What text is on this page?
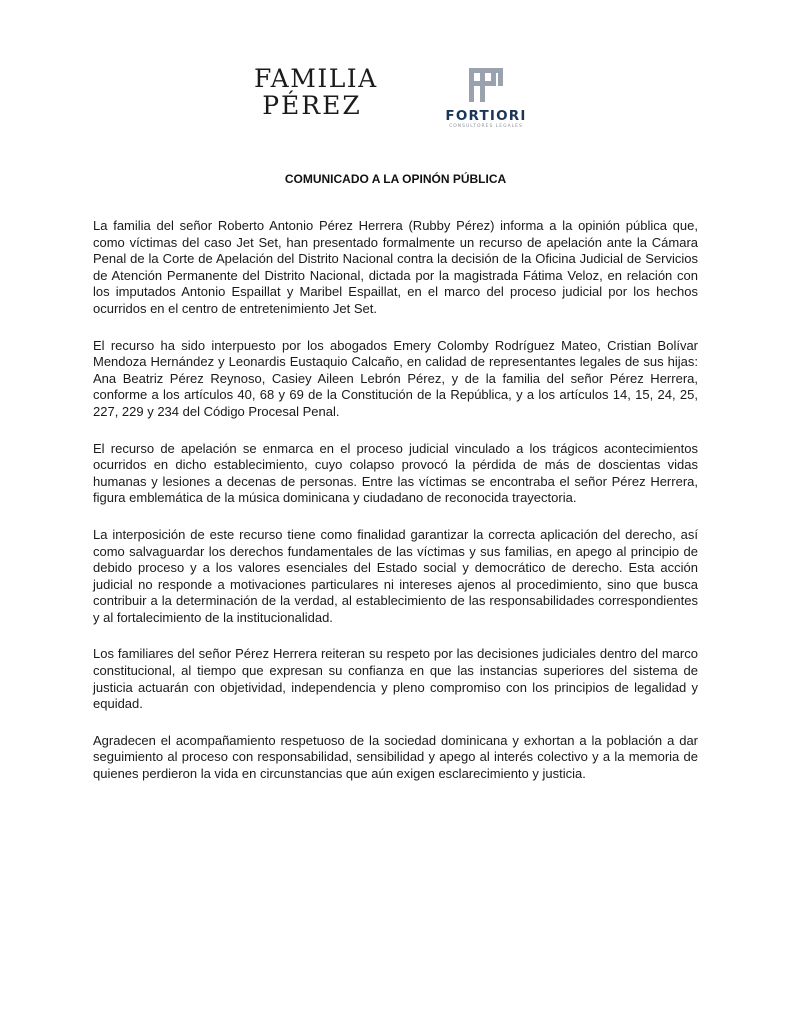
FAMILIA
PÉREZ	FORTIORI
CONSULTORES LEGALES
COMUNICADO A LA OPINÓN PÚBLICA

La familia del señor Roberto Antonio Pérez Herrera (Rubby Pérez) informa a la opinión pública que, como víctimas del caso Jet Set, han presentado formalmente un recurso de apelación ante la Cámara Penal de la Corte de Apelación del Distrito Nacional contra la decisión de la Oficina Judicial de Servicios de Atención Permanente del Distrito Nacional, dictada por la magistrada Fátima Veloz, en relación con los imputados Antonio Espaillat y Maribel Espaillat, en el marco del proceso judicial por los hechos ocurridos en el centro de entretenimiento Jet Set.

El recurso ha sido interpuesto por los abogados Emery Colomby Rodríguez Mateo, Cristian Bolívar Mendoza Hernández y Leonardis Eustaquio Calcaño, en calidad de representantes legales de sus hijas: Ana Beatriz Pérez Reynoso, Casiey Aileen Lebrón Pérez, y de la familia del señor Pérez Herrera, conforme a los artículos 40, 68 y 69 de la Constitución de la República, y a los artículos 14, 15, 24, 25, 227, 229 y 234 del Código Procesal Penal.

El recurso de apelación se enmarca en el proceso judicial vinculado a los trágicos acontecimientos ocurridos en dicho establecimiento, cuyo colapso provocó la pérdida de más de doscientas vidas humanas y lesiones a decenas de personas. Entre las víctimas se encontraba el señor Pérez Herrera, figura emblemática de la música dominicana y ciudadano de reconocida trayectoria.

La interposición de este recurso tiene como finalidad garantizar la correcta aplicación del derecho, así como salvaguardar los derechos fundamentales de las víctimas y sus familias, en apego al principio de debido proceso y a los valores esenciales del Estado social y democrático de derecho. Esta acción judicial no responde a motivaciones particulares ni intereses ajenos al procedimiento, sino que busca contribuir a la determinación de la verdad, al establecimiento de las responsabilidades correspondientes y al fortalecimiento de la institucionalidad.

Los familiares del señor Pérez Herrera reiteran su respeto por las decisiones judiciales dentro del marco constitucional, al tiempo que expresan su confianza en que las instancias superiores del sistema de justicia actuarán con objetividad, independencia y pleno compromiso con los principios de legalidad y equidad.

Agradecen el acompañamiento respetuoso de la sociedad dominicana y exhortan a la población a dar seguimiento al proceso con responsabilidad, sensibilidad y apego al interés colectivo y a la memoria de quienes perdieron la vida en circunstancias que aún exigen esclarecimiento y justicia.
